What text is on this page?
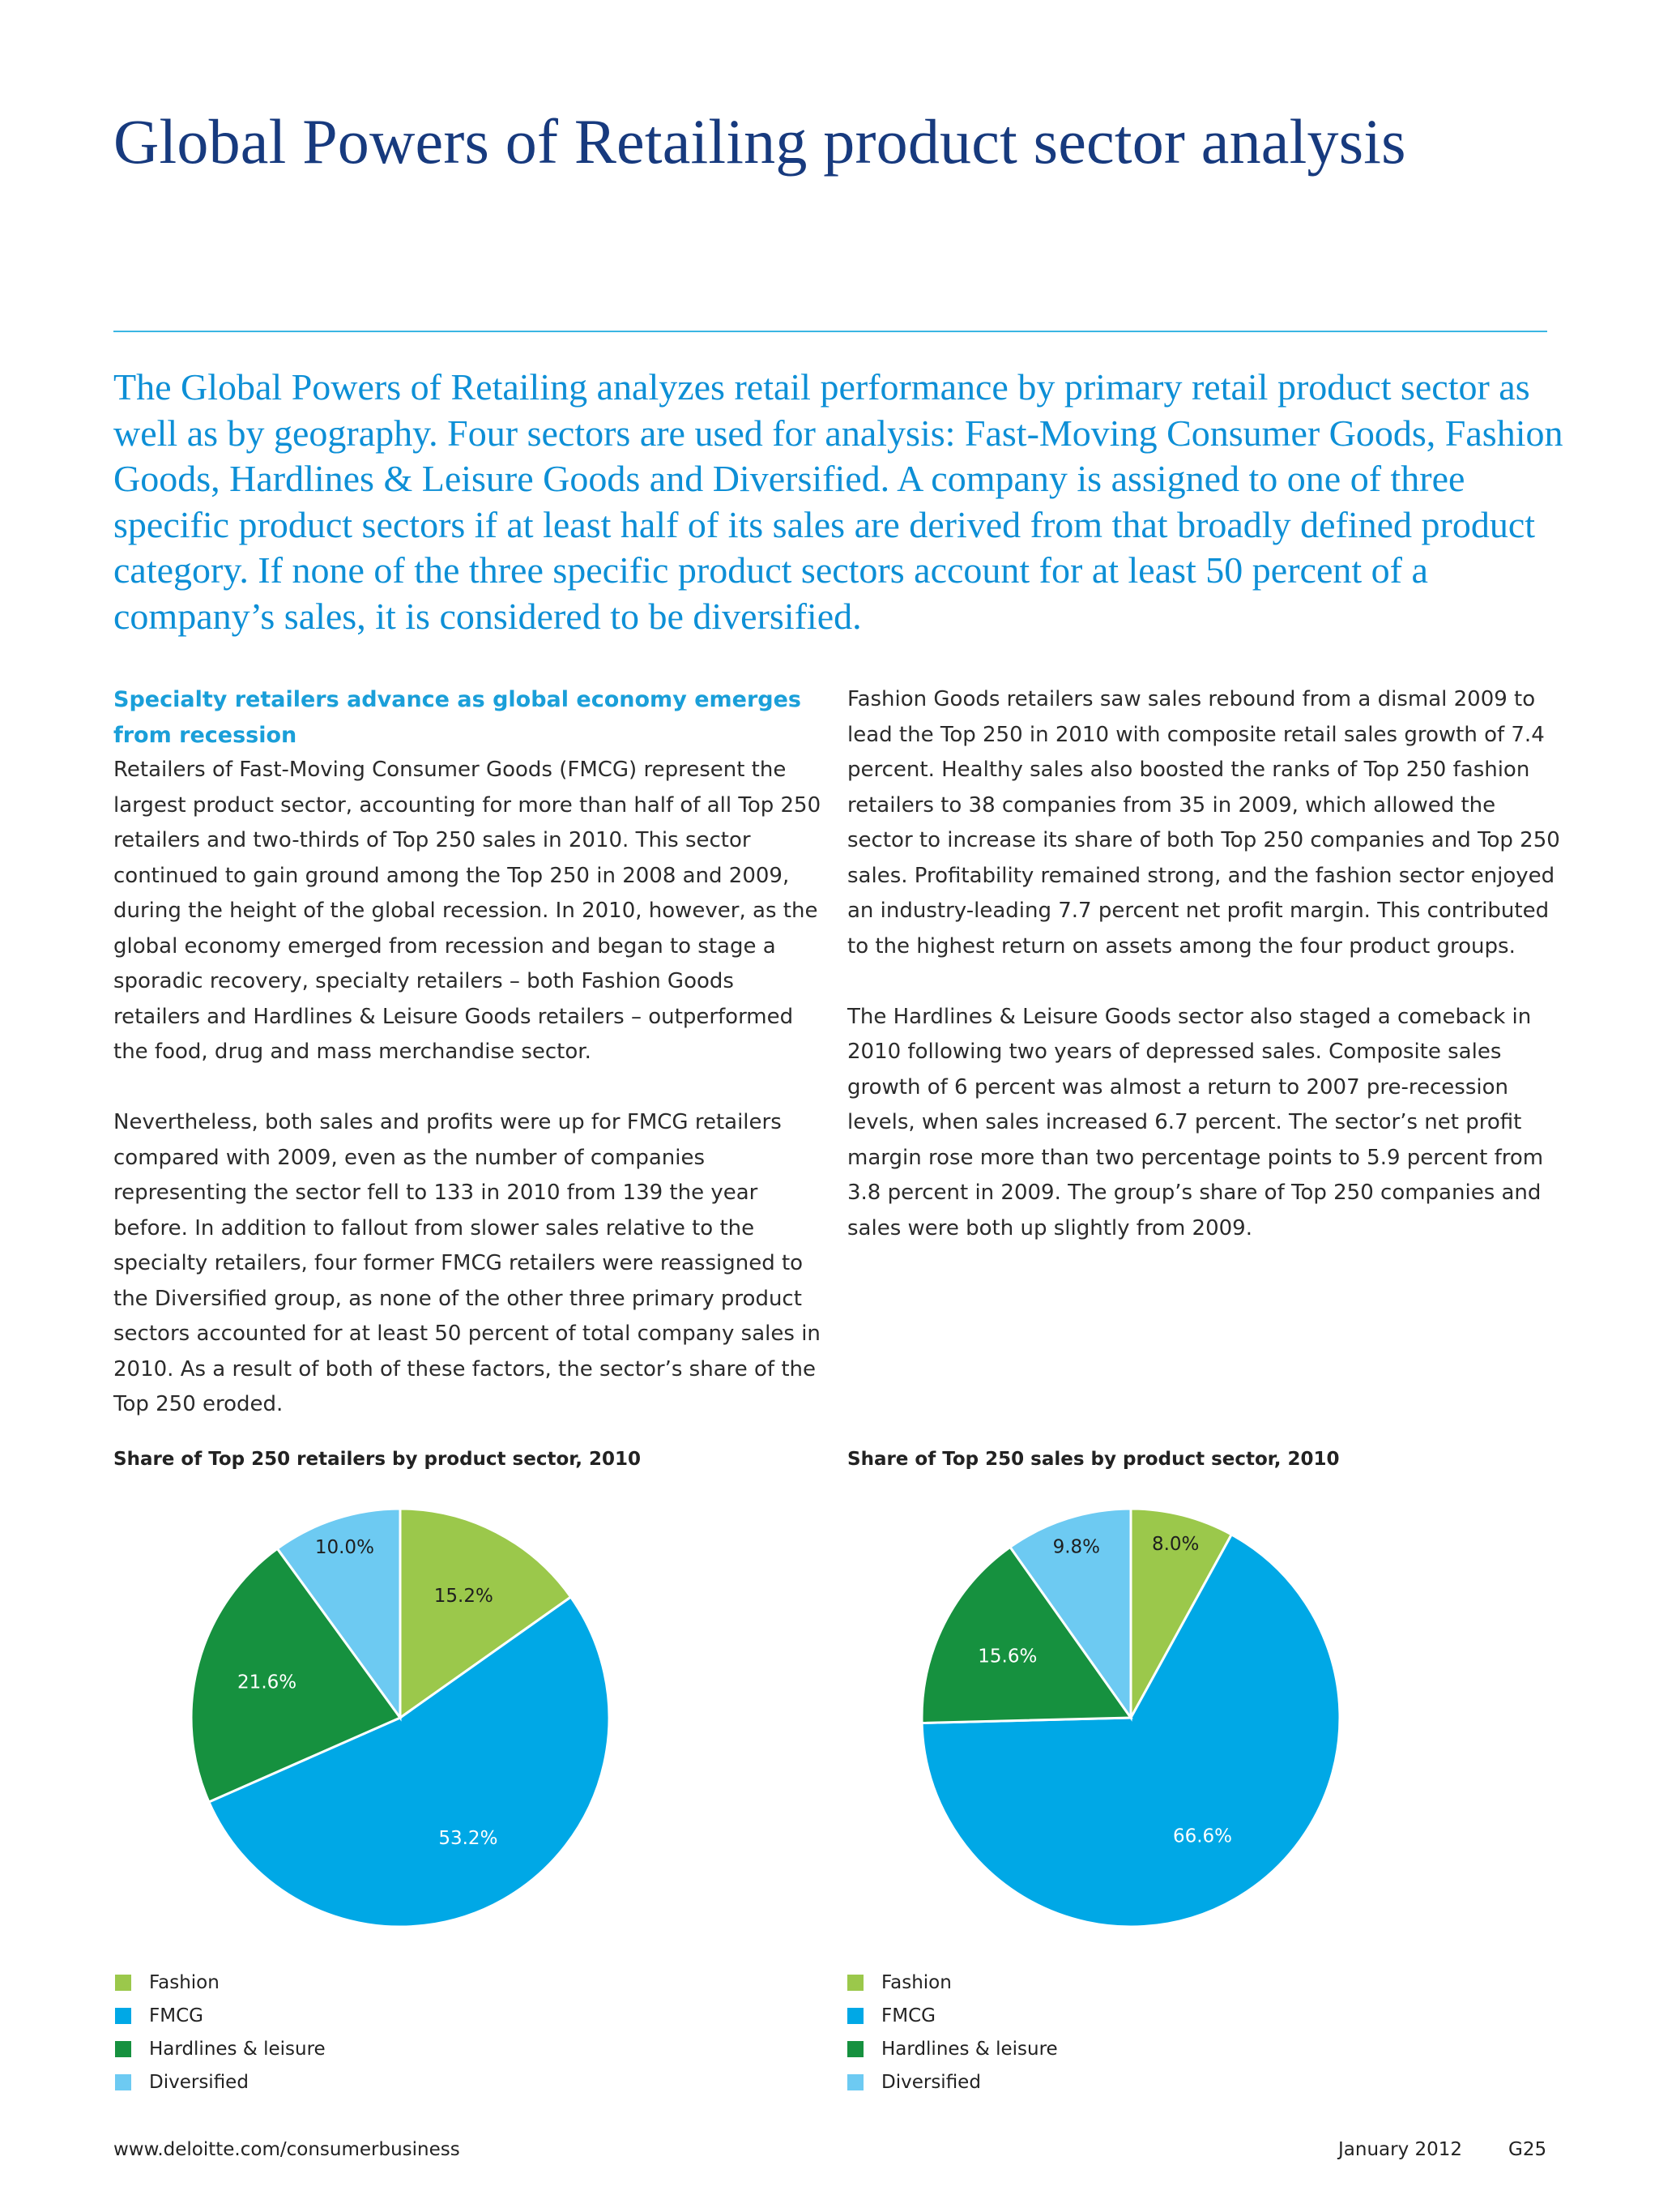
Global Powers of Retailing product sector analysis

The Global Powers of Retailing analyzes retail performance by primary retail product sector as well as by geography. Four sectors are used for analysis: Fast-Moving Consumer Goods, Fashion Goods, Hardlines & Leisure Goods and Diversified. A company is assigned to one of three specific product sectors if at least half of its sales are derived from that broadly defined product category. If none of the three specific product sectors account for at least 50 percent of a company’s sales, it is considered to be diversified.

Specialty retailers advance as global economy emerges from recession

Retailers of Fast-Moving Consumer Goods (FMCG) represent the largest product sector, accounting for more than half of all Top 250 retailers and two-thirds of Top 250 sales in 2010. This sector continued to gain ground among the Top 250 in 2008 and 2009, during the height of the global recession. In 2010, however, as the global economy emerged from recession and began to stage a sporadic recovery, specialty retailers – both Fashion Goods retailers and Hardlines & Leisure Goods retailers – outperformed the food, drug and mass merchandise sector.

Nevertheless, both sales and profits were up for FMCG retailers compared with 2009, even as the number of companies representing the sector fell to 133 in 2010 from 139 the year before. In addition to fallout from slower sales relative to the specialty retailers, four former FMCG retailers were reassigned to the Diversified group, as none of the other three primary product sectors accounted for at least 50 percent of total company sales in 2010. As a result of both of these factors, the sector’s share of the Top 250 eroded.

Fashion Goods retailers saw sales rebound from a dismal 2009 to lead the Top 250 in 2010 with composite retail sales growth of 7.4 percent. Healthy sales also boosted the ranks of Top 250 fashion retailers to 38 companies from 35 in 2009, which allowed the sector to increase its share of both Top 250 companies and Top 250 sales. Profitability remained strong, and the fashion sector enjoyed an industry-leading 7.7 percent net profit margin. This contributed to the highest return on assets among the four product groups.

The Hardlines & Leisure Goods sector also staged a comeback in 2010 following two years of depressed sales. Composite sales growth of 6 percent was almost a return to 2007 pre-recession levels, when sales increased 6.7 percent. The sector’s net profit margin rose more than two percentage points to 5.9 percent from 3.8 percent in 2009. The group’s share of Top 250 companies and sales were both up slightly from 2009.

Share of Top 250 retailers by product sector, 2010
15.2%
53.2%
21.6%
10.0%
Fashion
FMCG
Hardlines & leisure
Diversified
Share of Top 250 sales by product sector, 2010
8.0%
66.6%
15.6%
9.8%
Fashion
FMCG
Hardlines & leisure
Diversified
www.deloitte.com/consumerbusiness	January 2012 G25
